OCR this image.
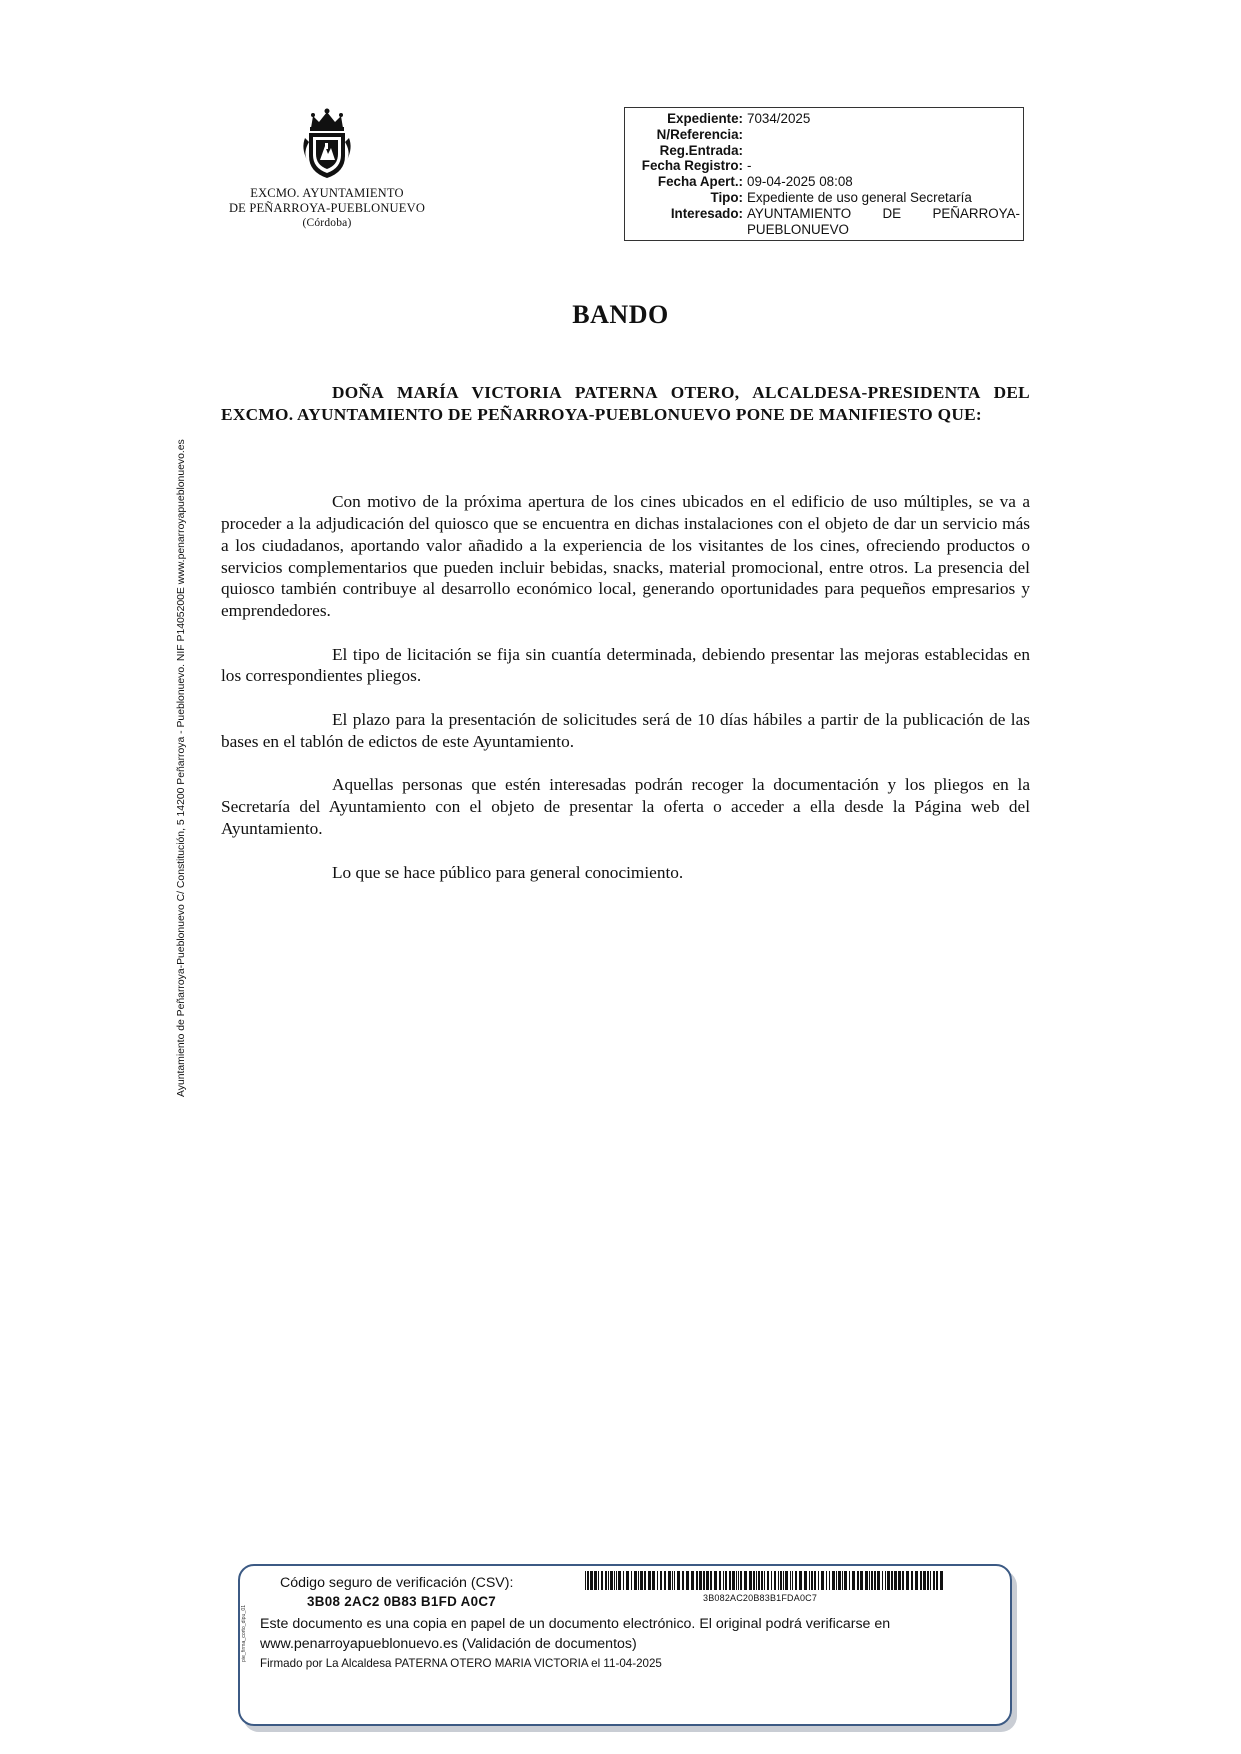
EXCMO. AYUNTAMIENTO
DE PEÑARROYA-PUEBLONUEVO
(Córdoba)
Expediente: 7034/2025
N/Referencia:
Reg.Entrada:
Fecha Registro: -
Fecha Apert.: 09-04-2025 08:08
Tipo: Expediente de uso general Secretaría
Interesado: AYUNTAMIENTO DE PEÑARROYA-
PUEBLONUEVO
BANDO

DOÑA MARÍA VICTORIA PATERNA OTERO, ALCALDESA-PRESIDENTA DEL EXCMO. AYUNTAMIENTO DE PEÑARROYA-PUEBLONUEVO PONE DE MANIFIESTO QUE:

Con motivo de la próxima apertura de los cines ubicados en el edificio de uso múltiples, se va a proceder a la adjudicación del quiosco que se encuentra en dichas instalaciones con el objeto de dar un servicio más a los ciudadanos, aportando valor añadido a la experiencia de los visitantes de los cines, ofreciendo productos o servicios complementarios que pueden incluir bebidas, snacks, material promocional, entre otros. La presencia del quiosco también contribuye al desarrollo económico local, generando oportunidades para pequeños empresarios y emprendedores.

El tipo de licitación se fija sin cuantía determinada, debiendo presentar las mejoras establecidas en los correspondientes pliegos.

El plazo para la presentación de solicitudes será de 10 días hábiles a partir de la publicación de las bases en el tablón de edictos de este Ayuntamiento.

Aquellas personas que estén interesadas podrán recoger la documentación y los pliegos en la Secretaría del Ayuntamiento con el objeto de presentar la oferta o acceder a ella desde la Página web del Ayuntamiento.

Lo que se hace público para general conocimiento.

Ayuntamiento de Peñarroya-Pueblonuevo C/ Constitución, 5 14200 Peñarroya - Pueblonuevo. NIF P1405200E www.penarroyapueblonuevo.es
pie_firma_corto_dipu_01
Código seguro de verificación (CSV):
3B08 2AC2 0B83 B1FD A0C7	3B082AC20B83B1FDA0C7
Este documento es una copia en papel de un documento electrónico. El original podrá verificarse en
www.penarroyapueblonuevo.es (Validación de documentos)
Firmado por La Alcaldesa PATERNA OTERO MARIA VICTORIA el 11-04-2025
